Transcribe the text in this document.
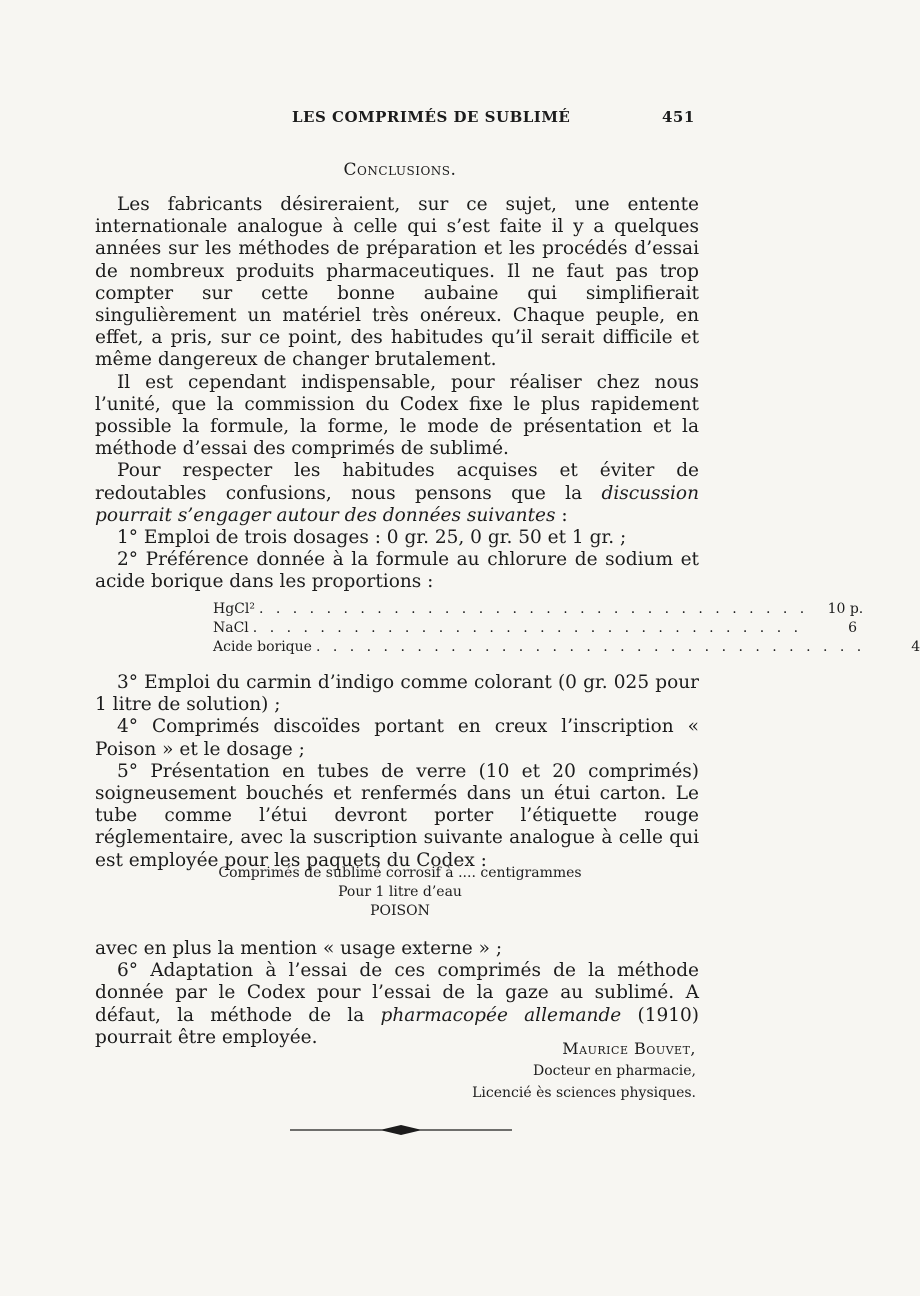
LES COMPRIMÉS DE SUBLIMÉ	451
Conclusions.

Les fabricants désireraient, sur ce sujet, une entente internationale analogue à celle qui s’est faite il y a quelques années sur les méthodes de préparation et les procédés d’essai de nombreux produits pharmaceutiques. Il ne faut pas trop compter sur cette bonne aubaine qui simplifierait singulièrement un matériel très onéreux. Chaque peuple, en effet, a pris, sur ce point, des habitudes qu’il serait difficile et même dangereux de changer brutalement.

Il est cependant indispensable, pour réaliser chez nous l’unité, que la commission du Codex fixe le plus rapidement possible la formule, la forme, le mode de présentation et la méthode d’essai des comprimés de sublimé.

Pour respecter les habitudes acquises et éviter de redoutables confusions, nous pensons que la discussion pourrait s’engager autour des données suivantes :

1° Emploi de trois dosages : 0 gr. 25, 0 gr. 50 et 1 gr. ;

2° Préférence donnée à la formule au chlorure de sodium et acide borique dans les proportions :

HgCl² . . . . . . . . . . . . . . . . . . . . . . . . . . . . . . . . .	10 p.
NaCl . . . . . . . . . . . . . . . . . . . . . . . . . . . . . . . . .	6
Acide borique . . . . . . . . . . . . . . . . . . . . . . . . . . . . . . . . .	4

3° Emploi du carmin d’indigo comme colorant (0 gr. 025 pour 1 litre de solution) ;

4° Comprimés discoïdes portant en creux l’inscription « Poison » et le dosage ;

5° Présentation en tubes de verre (10 et 20 comprimés) soigneusement bouchés et renfermés dans un étui carton. Le tube comme l’étui devront porter l’étiquette rouge réglementaire, avec la suscription suivante analogue à celle qui est employée pour les paquets du Codex :

Comprimés de sublimé corrosif à .... centigrammes
Pour 1 litre d’eau
POISON

avec en plus la mention « usage externe » ;

6° Adaptation à l’essai de ces comprimés de la méthode donnée par le Codex pour l’essai de la gaze au sublimé. A défaut, la méthode de la pharmacopée allemande (1910) pourrait être employée.

Maurice Bouvet,
Docteur en pharmacie,
Licencié ès sciences physiques.
